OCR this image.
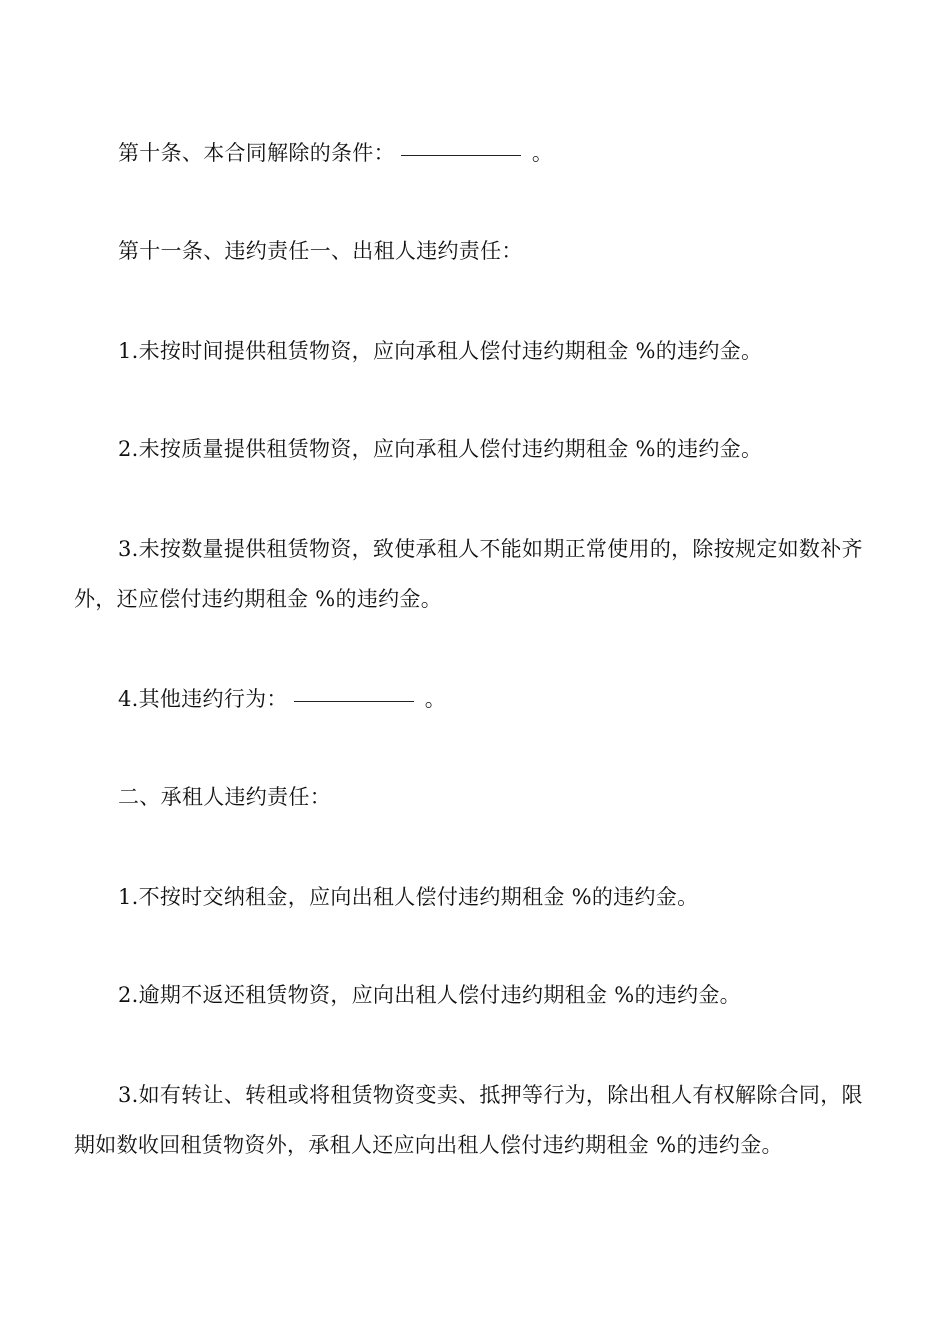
第十条、本合同解除的条件：	。

第十一条、违约责任一、出租人违约责任：

1.未按时间提供租赁物资，应向承租人偿付违约期租金 %的违约金。

2.未按质量提供租赁物资，应向承租人偿付违约期租金 %的违约金。

3.未按数量提供租赁物资，致使承租人不能如期正常使用的，除按规定如数补齐外，还应偿付违约期租金 %的违约金。

4.其他违约行为：	。

二、承租人违约责任：

1.不按时交纳租金，应向出租人偿付违约期租金 %的违约金。

2.逾期不返还租赁物资，应向出租人偿付违约期租金 %的违约金。

3.如有转让、转租或将租赁物资变卖、抵押等行为，除出租人有权解除合同，限期如数收回租赁物资外，承租人还应向出租人偿付违约期租金 %的违约金。
